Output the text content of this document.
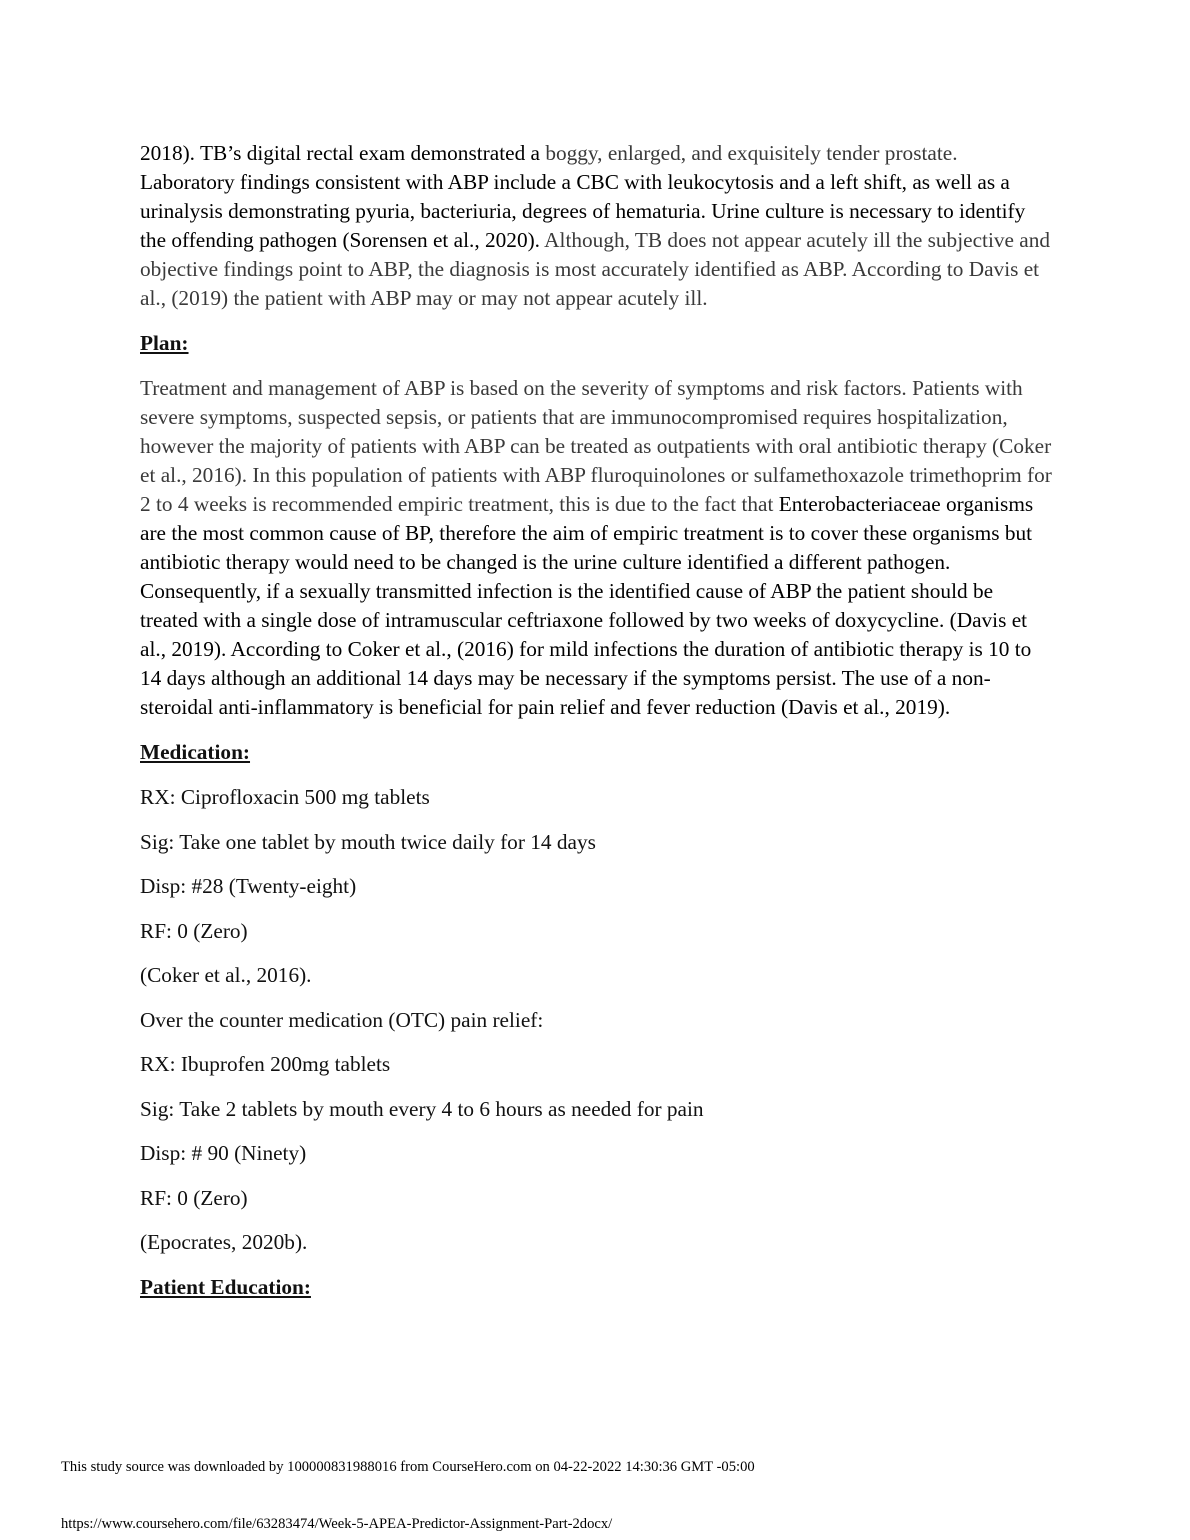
2018). TB’s digital rectal exam demonstrated a boggy, enlarged, and exquisitely tender prostate. Laboratory findings consistent with ABP include a CBC with leukocytosis and a left shift, as well as a urinalysis demonstrating pyuria, bacteriuria, degrees of hematuria. Urine culture is necessary to identify the offending pathogen (Sorensen et al., 2020). Although, TB does not appear acutely ill the subjective and objective findings point to ABP, the diagnosis is most accurately identified as ABP. According to Davis et al., (2019) the patient with ABP may or may not appear acutely ill.

Plan:

Treatment and management of ABP is based on the severity of symptoms and risk factors. Patients with severe symptoms, suspected sepsis, or patients that are immunocompromised requires hospitalization, however the majority of patients with ABP can be treated as outpatients with oral antibiotic therapy (Coker et al., 2016). In this population of patients with ABP fluroquinolones or sulfamethoxazole trimethoprim for 2 to 4 weeks is recommended empiric treatment, this is due to the fact that Enterobacteriaceae organisms are the most common cause of BP, therefore the aim of empiric treatment is to cover these organisms but antibiotic therapy would need to be changed is the urine culture identified a different pathogen. Consequently, if a sexually transmitted infection is the identified cause of ABP the patient should be treated with a single dose of intramuscular ceftriaxone followed by two weeks of doxycycline. (Davis et al., 2019). According to Coker et al., (2016) for mild infections the duration of antibiotic therapy is 10 to 14 days although an additional 14 days may be necessary if the symptoms persist. The use of a non-steroidal anti-inflammatory is beneficial for pain relief and fever reduction (Davis et al., 2019).

Medication:

RX: Ciprofloxacin 500 mg tablets

Sig: Take one tablet by mouth twice daily for 14 days

Disp: #28 (Twenty-eight)

RF: 0 (Zero)

(Coker et al., 2016).

Over the counter medication (OTC) pain relief:

RX: Ibuprofen 200mg tablets

Sig: Take 2 tablets by mouth every 4 to 6 hours as needed for pain

Disp: # 90 (Ninety)

RF: 0 (Zero)

(Epocrates, 2020b).

Patient Education:
This study source was downloaded by 100000831988016 from CourseHero.com on 04-22-2022 14:30:36 GMT -05:00
https://www.coursehero.com/file/63283474/Week-5-APEA-Predictor-Assignment-Part-2docx/
